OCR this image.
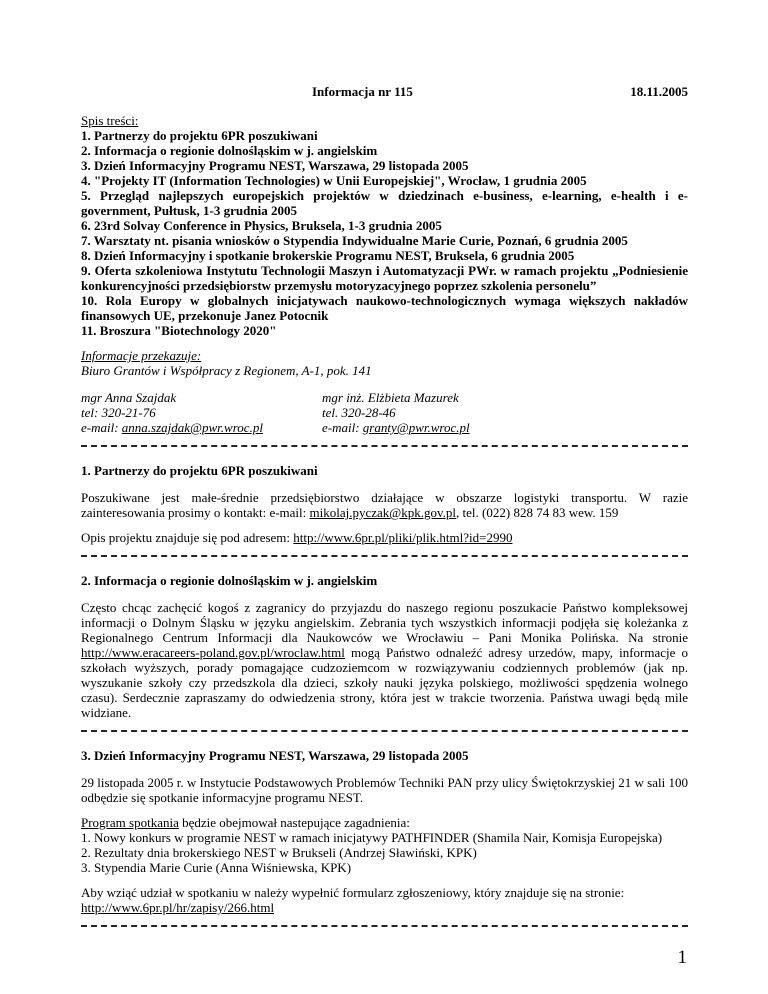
Informacja nr 115	18.11.2005
Spis treści:
1. Partnerzy do projektu 6PR poszukiwani
2. Informacja o regionie dolnośląskim w j. angielskim
3. Dzień Informacyjny Programu NEST, Warszawa, 29 listopada 2005
4. "Projekty IT (Information Technologies) w Unii Europejskiej", Wrocław, 1 grudnia 2005
5. Przegląd najlepszych europejskich projektów w dziedzinach e-business, e-learning, e-health i e-government, Pułtusk, 1-3 grudnia 2005
6. 23rd Solvay Conference in Physics, Bruksela, 1-3 grudnia 2005
7. Warsztaty nt. pisania wniosków o Stypendia Indywidualne Marie Curie, Poznań, 6 grudnia 2005
8. Dzień Informacyjny i spotkanie brokerskie Programu NEST, Bruksela, 6 grudnia 2005
9. Oferta szkoleniowa Instytutu Technologii Maszyn i Automatyzacji PWr. w ramach projektu „Podniesienie konkurencyjności przedsiębiorstw przemysłu motoryzacyjnego poprzez szkolenia personelu”
10. Rola Europy w globalnych inicjatywach naukowo-technologicznych wymaga większych nakładów finansowych UE, przekonuje Janez Potocnik
11. Broszura "Biotechnology 2020"
Informacje przekazuje:
Biuro Grantów i Współpracy z Regionem, A-1, pok. 141
mgr Anna Szajdak
tel: 320-21-76
e-mail: anna.szajdak@pwr.wroc.pl
mgr inż. Elżbieta Mazurek
tel. 320-28-46
e-mail: granty@pwr.wroc.pl
1. Partnerzy do projektu 6PR poszukiwani

Poszukiwane jest małe-średnie przedsiębiorstwo działające w obszarze logistyki transportu. W razie zainteresowania prosimy o kontakt: e-mail: mikolaj.pyczak@kpk.gov.pl, tel. (022) 828 74 83 wew. 159

Opis projektu znajduje się pod adresem: http://www.6pr.pl/pliki/plik.html?id=2990

2. Informacja o regionie dolnośląskim w j. angielskim

Często chcąc zachęcić kogoś z zagranicy do przyjazdu do naszego regionu poszukacie Państwo kompleksowej informacji o Dolnym Śląsku w języku angielskim. Zebrania tych wszystkich informacji podjęła się koleżanka z Regionalnego Centrum Informacji dla Naukowców we Wrocławiu – Pani Monika Polińska. Na stronie http://www.eracareers-poland.gov.pl/wroclaw.html mogą Państwo odnaleźć adresy urzedów, mapy, informacje o szkołach wyższych, porady pomagające cudzoziemcom w rozwiązywaniu codziennych problemów (jak np. wyszukanie szkoły czy przedszkola dla dzieci, szkoły nauki języka polskiego, możliwości spędzenia wolnego czasu). Serdecznie zapraszamy do odwiedzenia strony, która jest w trakcie tworzenia. Państwa uwagi będą mile widziane.

3. Dzień Informacyjny Programu NEST, Warszawa, 29 listopada 2005

29 listopada 2005 r. w Instytucie Podstawowych Problemów Techniki PAN przy ulicy Świętokrzyskiej 21 w sali 100 odbędzie się spotkanie informacyjne programu NEST.

Program spotkania będzie obejmował nastepujące zagadnienia:
1. Nowy konkurs w programie NEST w ramach inicjatywy PATHFINDER (Shamila Nair, Komisja Europejska)
2. Rezultaty dnia brokerskiego NEST w Brukseli (Andrzej Sławiński, KPK)
3. Stypendia Marie Curie (Anna Wiśniewska, KPK)

Aby wziąć udział w spotkaniu w należy wypełnić formularz zgłoszeniowy, który znajduje się na stronie:
http://www.6pr.pl/hr/zapisy/266.html

1
